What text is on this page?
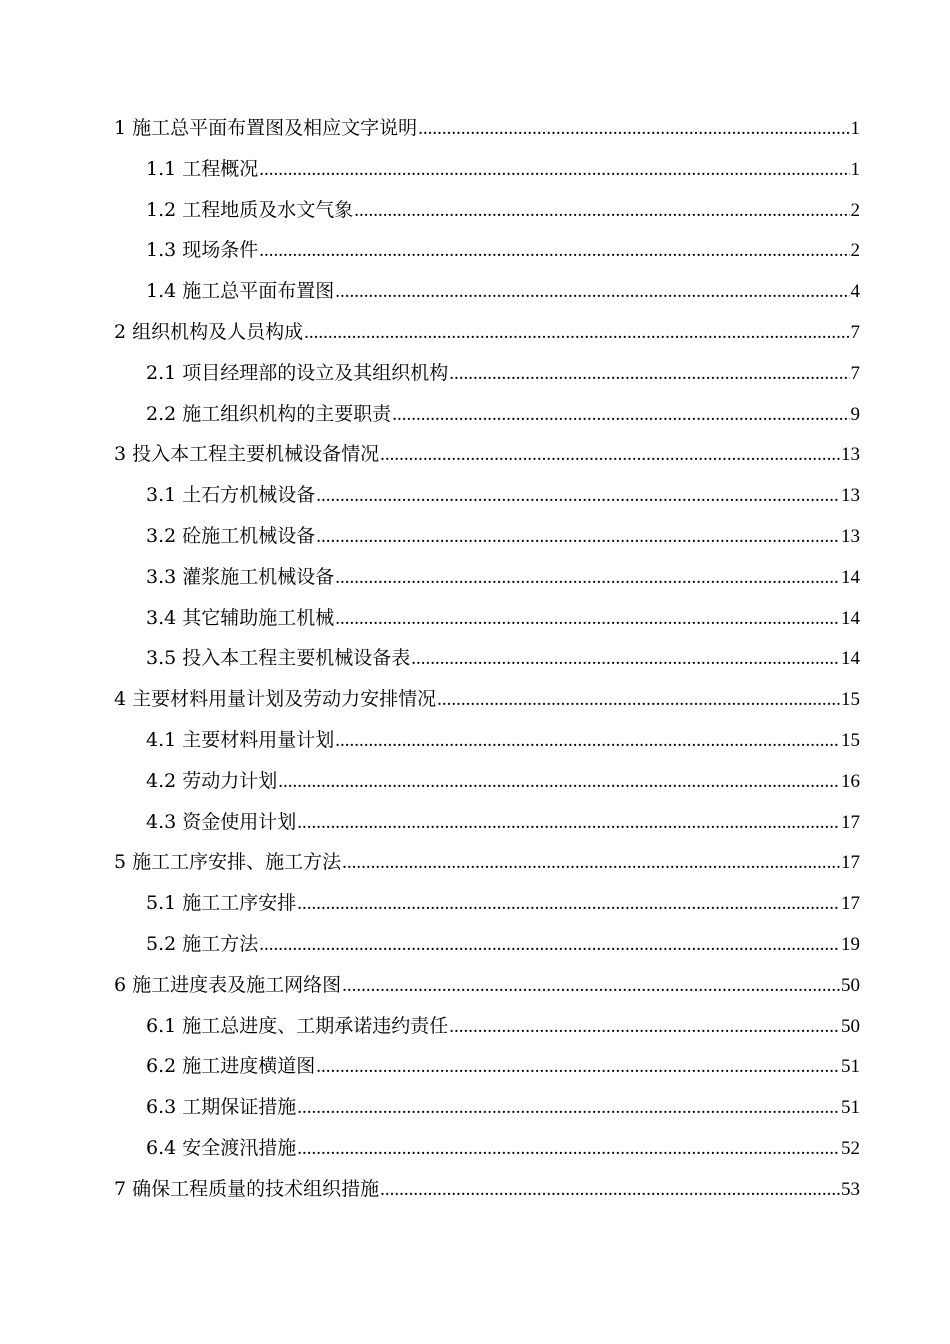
1 施工总平面布置图及相应文字说明 .....	1
1.1 工程概况 .....	1
1.2 工程地质及水文气象 .....	2
1.3 现场条件 .....	2
1.4 施工总平面布置图 .....	4
2 组织机构及人员构成 .....	7
2.1 项目经理部的设立及其组织机构 .....	7
2.2 施工组织机构的主要职责 .....	9
3 投入本工程主要机械设备情况 .....	13
3.1 土石方机械设备 .....	13
3.2 砼施工机械设备 .....	13
3.3 灌浆施工机械设备 .....	14
3.4 其它辅助施工机械 .....	14
3.5 投入本工程主要机械设备表 .....	14
4 主要材料用量计划及劳动力安排情况 .....	15
4.1 主要材料用量计划 .....	15
4.2 劳动力计划 .....	16
4.3 资金使用计划 .....	17
5 施工工序安排、施工方法 .....	17
5.1 施工工序安排 .....	17
5.2 施工方法 .....	19
6 施工进度表及施工网络图 .....	50
6.1 施工总进度、工期承诺违约责任 .....	50
6.2 施工进度横道图 .....	51
6.3 工期保证措施 .....	51
6.4 安全渡汛措施 .....	52
7 确保工程质量的技术组织措施 .....	53
